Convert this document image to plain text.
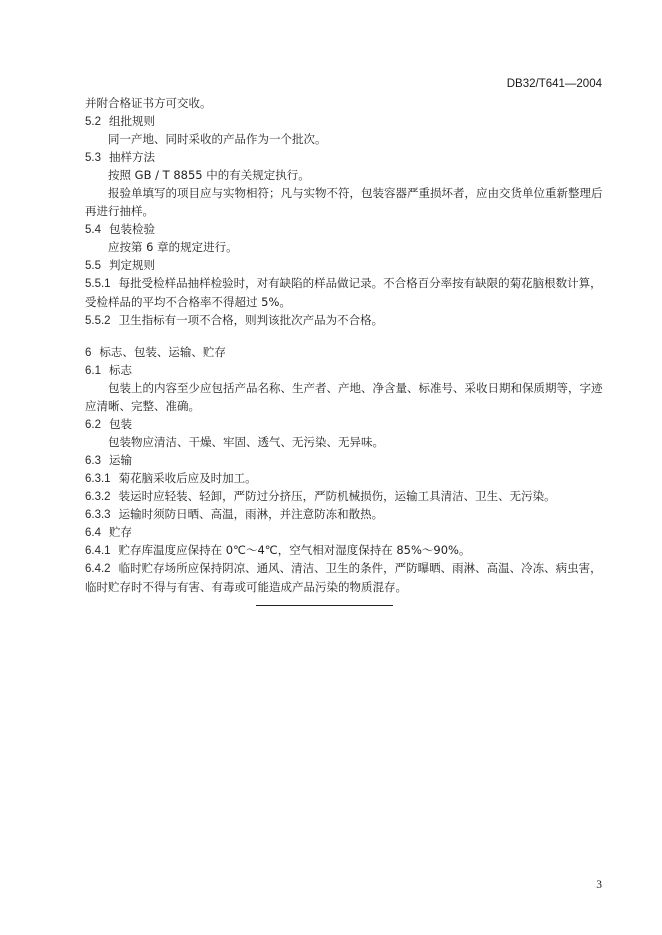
DB32/T641—2004
并附合格证书方可交收。
5.2 组批规则
同一产地、同时采收的产品作为一个批次。
5.3 抽样方法
按照 GB / T 8855 中的有关规定执行。
报验单填写的项目应与实物相符；凡与实物不符，包装容器严重损坏者，应由交货单位重新整理后再进行抽样。
5.4 包装检验
应按第 6 章的规定进行。
5.5 判定规则
5.5.1 每批受检样品抽样检验时，对有缺陷的样品做记录。不合格百分率按有缺限的菊花脑根数计算，受检样品的平均不合格率不得超过 5%。
5.5.2 卫生指标有一项不合格，则判该批次产品为不合格。
6 标志、包装、运输、贮存
6.1 标志
包装上的内容至少应包括产品名称、生产者、产地、净含量、标准号、采收日期和保质期等，字迹应清晰、完整、准确。
6.2 包装
包装物应清洁、干燥、牢固、透气、无污染、无异味。
6.3 运输
6.3.1 菊花脑采收后应及时加工。
6.3.2 装运时应轻装、轻卸，严防过分挤压，严防机械损伤，运输工具清洁、卫生、无污染。
6.3.3 运输时须防日晒、高温，雨淋，并注意防冻和散热。
6.4 贮存
6.4.1 贮存库温度应保持在 0℃～4℃，空气相对湿度保持在 85%～90%。
6.4.2 临时贮存场所应保持阴凉、通风、清洁、卫生的条件，严防曝晒、雨淋、高温、冷冻、病虫害，临时贮存时不得与有害、有毒或可能造成产品污染的物质混存。
3
